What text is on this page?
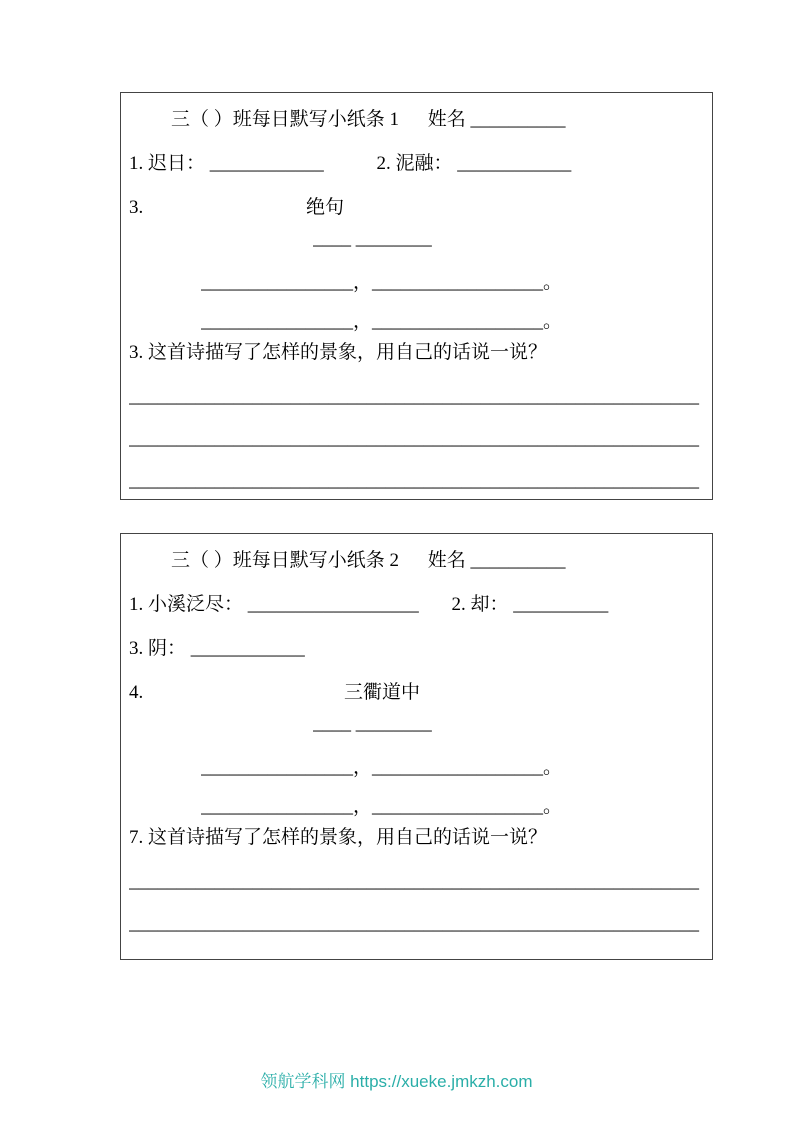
三（ ）班每日默写小纸条 1 姓名 __________

1. 迟日： ____________	2. 泥融： ____________

3.	绝句

____ ________

________________，__________________。

________________，__________________。

3. 这首诗描写了怎样的景象，用自己的话说一说？

____________________________________________________________

____________________________________________________________

____________________________________________________________

三（ ）班每日默写小纸条 2 姓名 __________

1. 小溪泛尽： __________________ 2. 却： __________

3. 阴： ____________

4.	三衢道中

____ ________

________________，__________________。

________________，__________________。

7. 这首诗描写了怎样的景象，用自己的话说一说？

____________________________________________________________

____________________________________________________________

领航学科网 https://xueke.jmkzh.com
